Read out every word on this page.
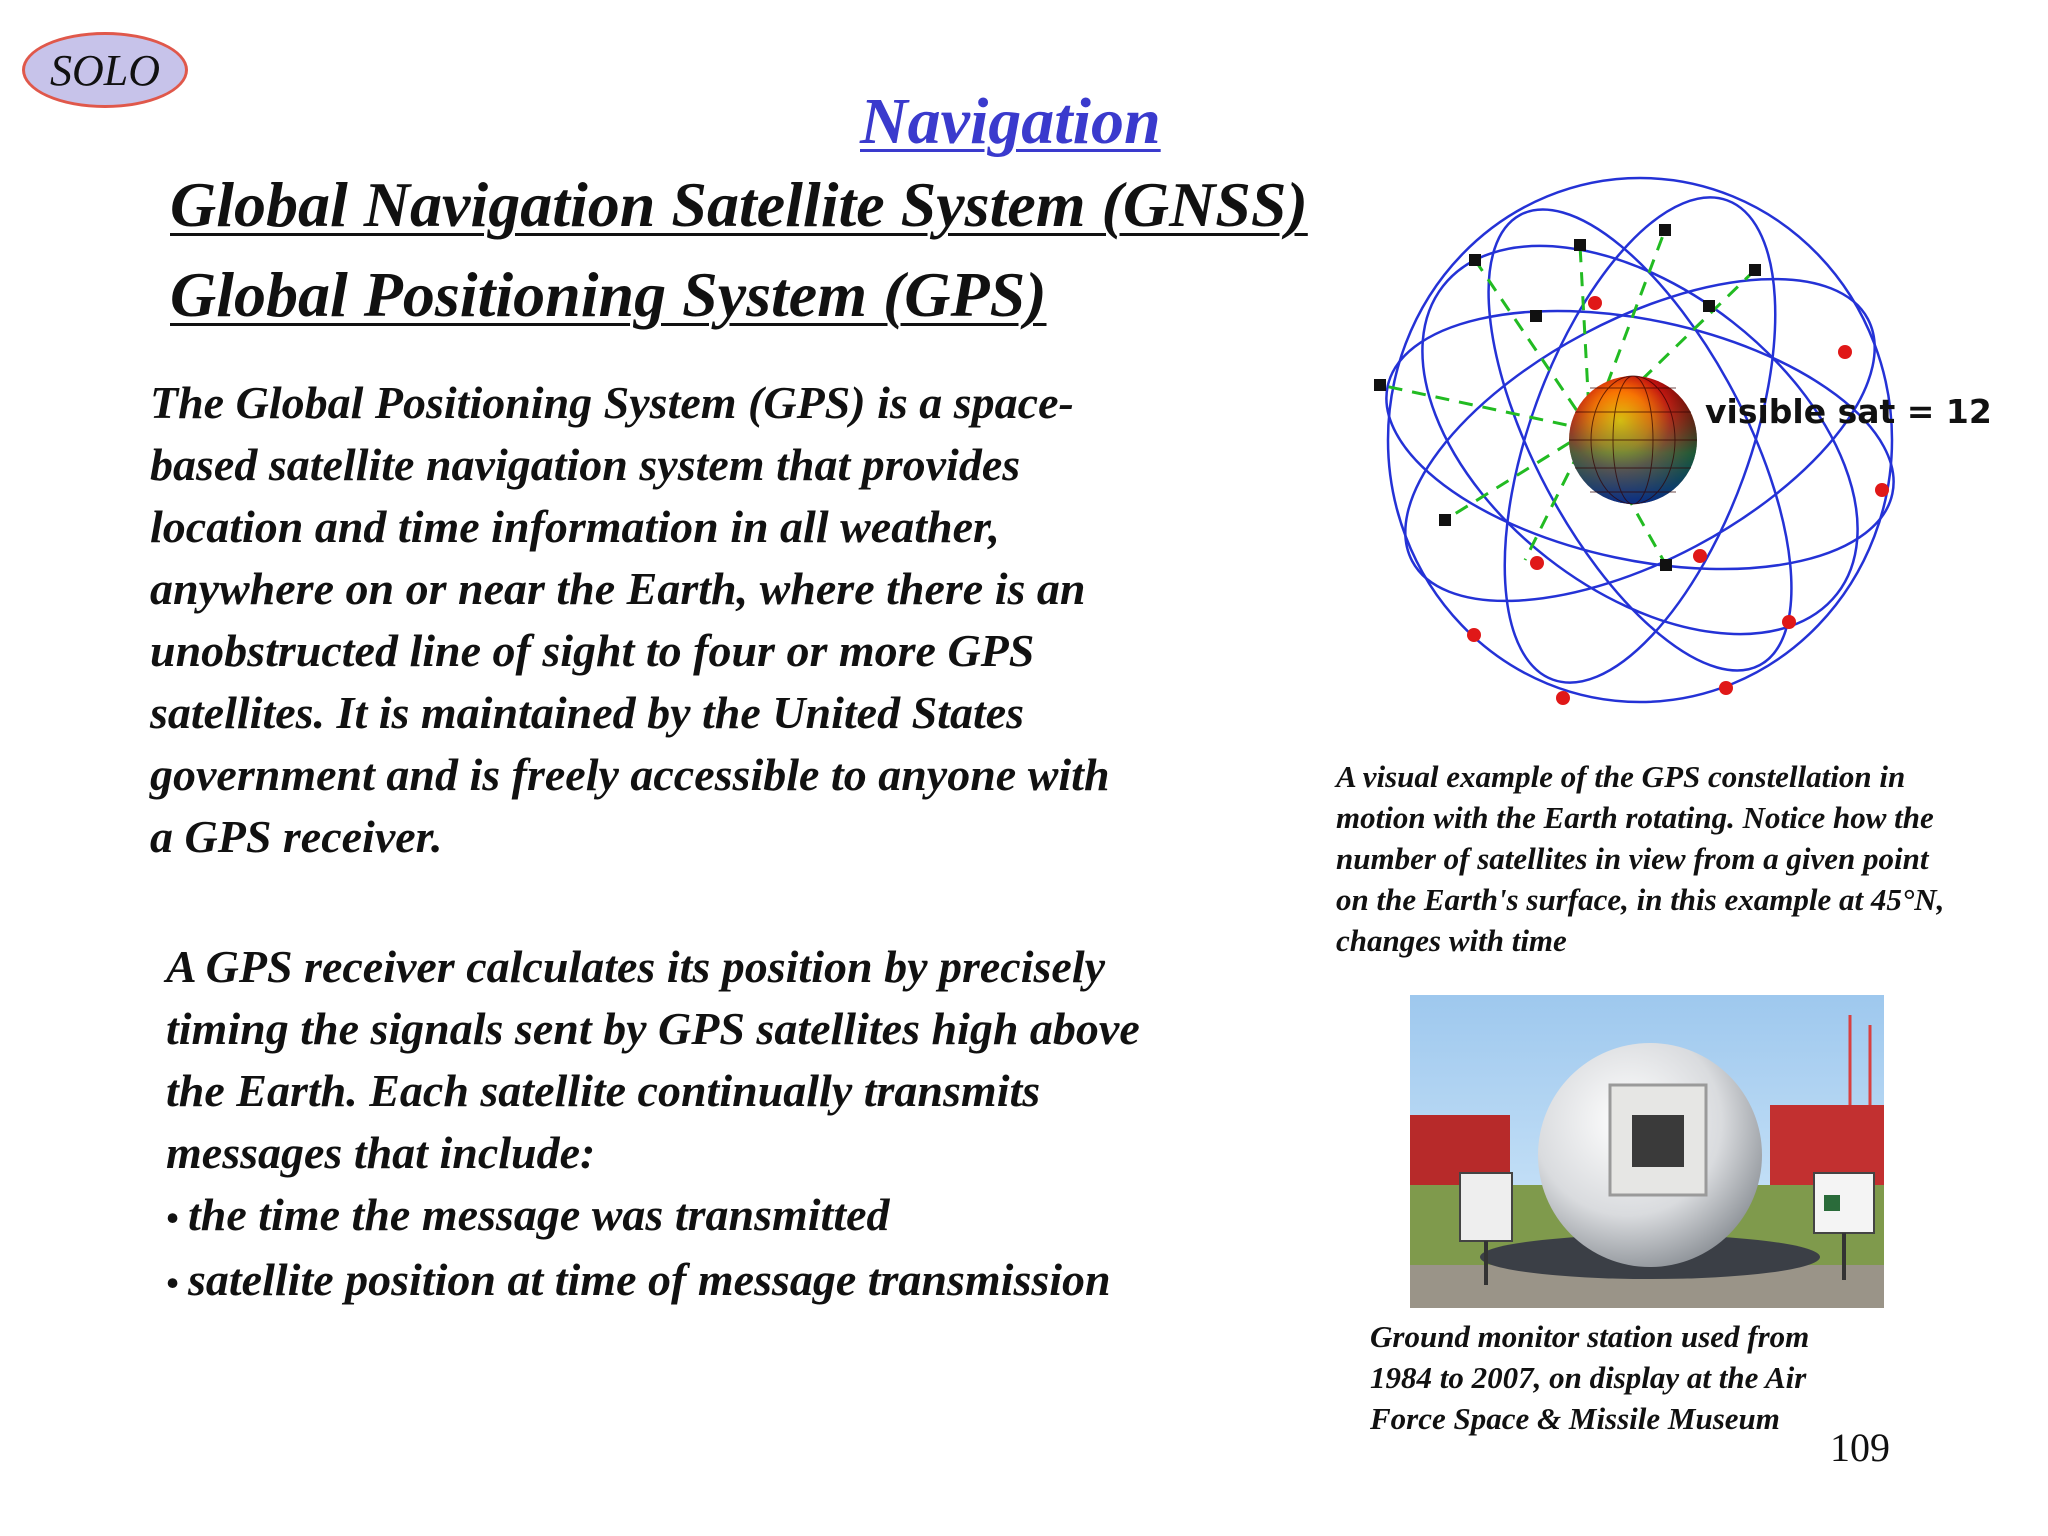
SOLO
Navigation
Global Navigation Satellite System (GNSS)
Global Positioning System (GPS)
The Global Positioning System (GPS) is a space-
based satellite navigation system that provides
location and time information in all weather,
anywhere on or near the Earth, where there is an
unobstructed line of sight to four or more GPS
satellites. It is maintained by the United States
government and is freely accessible to anyone with
a GPS receiver.
A GPS receiver calculates its position by precisely
timing the signals sent by GPS satellites high above
the Earth. Each satellite continually transmits
messages that include:
• the time the message was transmitted
• satellite position at time of message transmission
visible sat = 12
A visual example of the GPS constellation in
motion with the Earth rotating. Notice how the
number of satellites in view from a given point
on the Earth's surface, in this example at 45°N,
changes with time
Ground monitor station used from
1984 to 2007, on display at the Air
Force Space & Missile Museum
109
